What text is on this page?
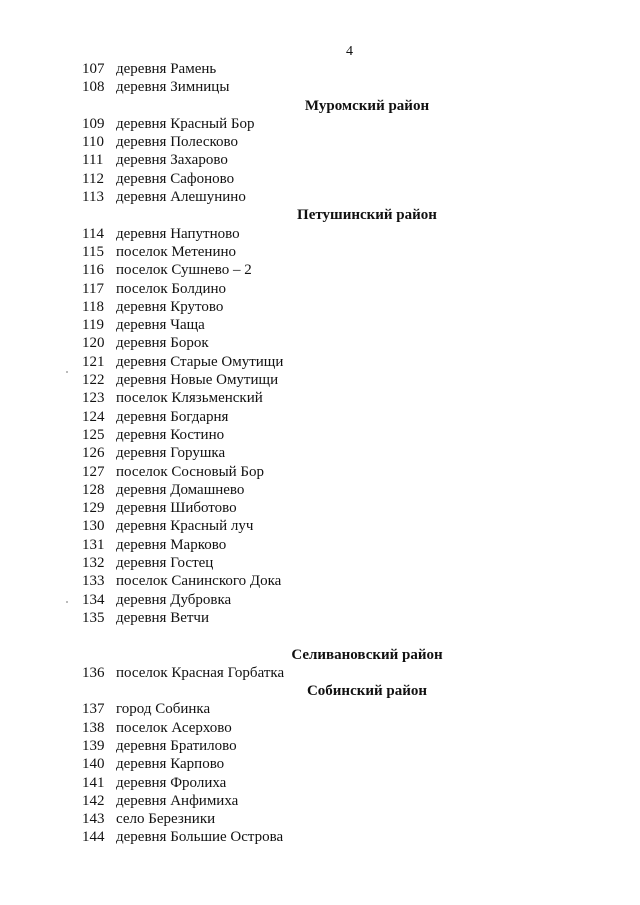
4
107 деревня Рамень
108 деревня Зимницы
Муромский район
109 деревня Красный Бор
110 деревня Полесково
111 деревня Захарово
112 деревня Сафоново
113 деревня Алешунино
Петушинский район
114 деревня Напутново
115 поселок Метенино
116 поселок Сушнево – 2
117 поселок Болдино
118 деревня Крутово
119 деревня Чаща
120 деревня Борок
121 деревня Старые Омутищи
122 деревня Новые Омутищи
123 поселок Клязьменский
124 деревня Богдарня
125 деревня Костино
126 деревня Горушка
127 поселок Сосновый Бор
128 деревня Домашнево
129 деревня Шиботово
130 деревня Красный луч
131 деревня Марково
132 деревня Гостец
133 поселок Санинского Дока
134 деревня Дубровка
135 деревня Ветчи
Селивановский район
136 поселок Красная Горбатка
Собинский район
137 город Собинка
138 поселок Асерхово
139 деревня Братилово
140 деревня Карпово
141 деревня Фролиха
142 деревня Анфимиха
143 село Березники
144 деревня Большие Острова
